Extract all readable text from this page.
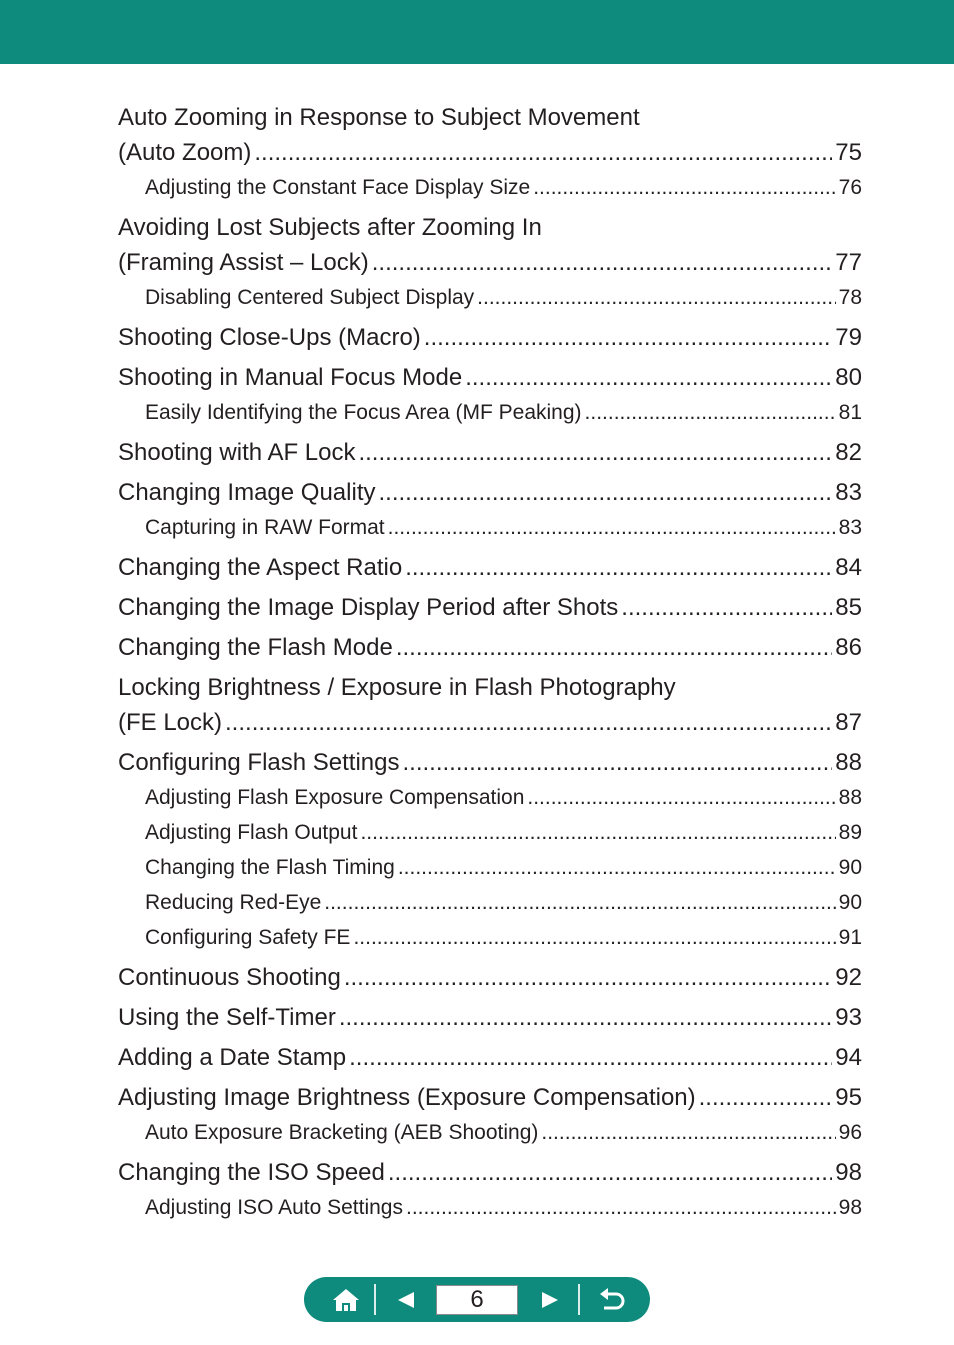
Auto Zooming in Response to Subject Movement
(Auto Zoom) .....	75
Adjusting the Constant Face Display Size .....	76
Avoiding Lost Subjects after Zooming In
(Framing Assist – Lock) .....	77
Disabling Centered Subject Display .....	78
Shooting Close-Ups (Macro) .....	79
Shooting in Manual Focus Mode .....	80
Easily Identifying the Focus Area (MF Peaking) .....	81
Shooting with AF Lock .....	82
Changing Image Quality .....	83
Capturing in RAW Format .....	83
Changing the Aspect Ratio .....	84
Changing the Image Display Period after Shots .....	85
Changing the Flash Mode .....	86
Locking Brightness / Exposure in Flash Photography
(FE Lock) .....	87
Configuring Flash Settings .....	88
Adjusting Flash Exposure Compensation .....	88
Adjusting Flash Output .....	89
Changing the Flash Timing .....	90
Reducing Red-Eye .....	90
Configuring Safety FE .....	91
Continuous Shooting .....	92
Using the Self-Timer .....	93
Adding a Date Stamp .....	94
Adjusting Image Brightness (Exposure Compensation) .....	95
Auto Exposure Bracketing (AEB Shooting) .....	96
Changing the ISO Speed .....	98
Adjusting ISO Auto Settings .....	98
6
